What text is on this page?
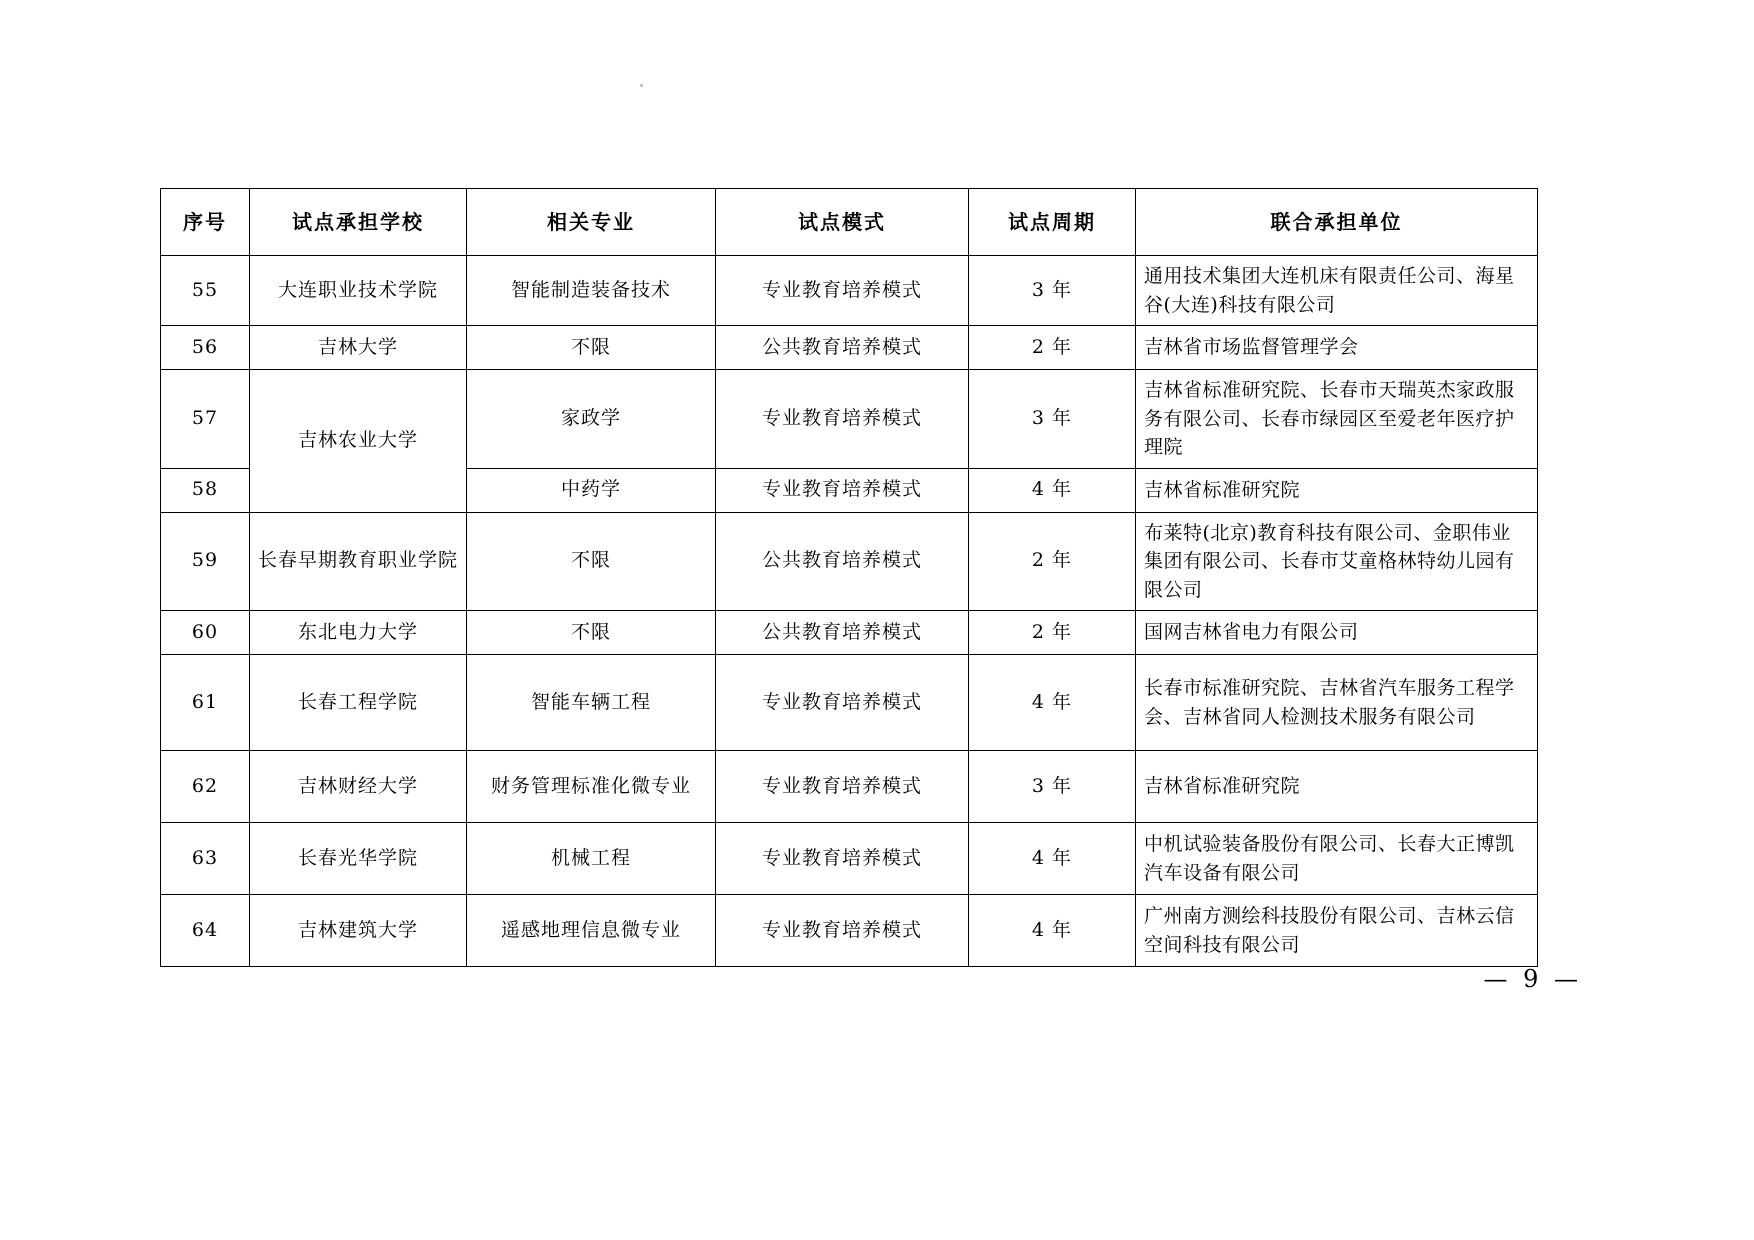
序号	试点承担学校	相关专业	试点模式	试点周期	联合承担单位
55	大连职业技术学院	智能制造装备技术	专业教育培养模式	3 年	通用技术集团大连机床有限责任公司、海星谷(大连)科技有限公司
56	吉林大学	不限	公共教育培养模式	2 年	吉林省市场监督管理学会
57	吉林农业大学	家政学	专业教育培养模式	3 年	吉林省标准研究院、长春市天瑞英杰家政服务有限公司、长春市绿园区至爱老年医疗护理院
58		中药学	专业教育培养模式	4 年	吉林省标准研究院
59	长春早期教育职业学院	不限	公共教育培养模式	2 年	布莱特(北京)教育科技有限公司、金职伟业集团有限公司、长春市艾童格林特幼儿园有限公司
60	东北电力大学	不限	公共教育培养模式	2 年	国网吉林省电力有限公司
61	长春工程学院	智能车辆工程	专业教育培养模式	4 年	长春市标准研究院、吉林省汽车服务工程学会、吉林省同人检测技术服务有限公司
62	吉林财经大学	财务管理标准化微专业	专业教育培养模式	3 年	吉林省标准研究院
63	长春光华学院	机械工程	专业教育培养模式	4 年	中机试验装备股份有限公司、长春大正博凯汽车设备有限公司
64	吉林建筑大学	遥感地理信息微专业	专业教育培养模式	4 年	广州南方测绘科技股份有限公司、吉林云信空间科技有限公司
— 9 —
